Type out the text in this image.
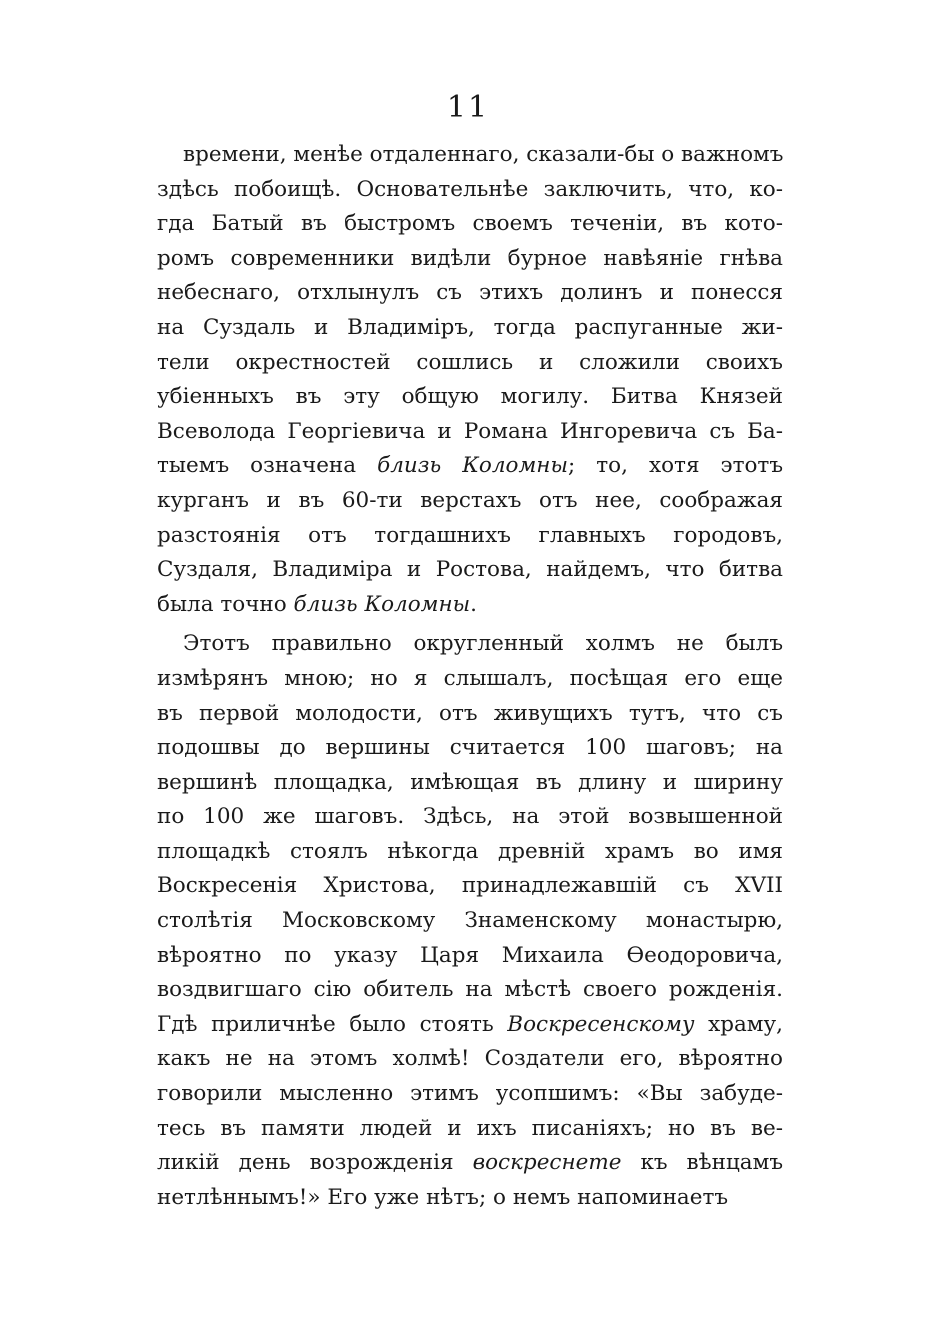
11
времени, менѣе отдаленнаго, сказали-бы о важномъ
здѣсь побоищѣ. Основательнѣе заключить, что, ко-
гда Батый въ быстромъ своемъ теченіи, въ кото-
ромъ современники видѣли бурное навѣяніе гнѣва
небеснаго, отхлынулъ съ этихъ долинъ и понесся
на Суздаль и Владиміръ, тогда распуганные жи-
тели окрестностей сошлись и сложили своихъ
убіенныхъ въ эту общую могилу. Битва Князей
Всеволода Георгіевича и Романа Ингоревича съ Ба-
тыемъ означена близь Коломны; то, хотя этотъ
курганъ и въ 60-ти верстахъ отъ нее, соображая
разстоянія отъ тогдашнихъ главныхъ городовъ,
Суздаля, Владиміра и Ростова, найдемъ, что битва
была точно близь Коломны.
Этотъ правильно округленный холмъ не былъ
измѣрянъ мною; но я слышалъ, посѣщая его еще
въ первой молодости, отъ живущихъ тутъ, что съ
подошвы до вершины считается 100 шаговъ; на
вершинѣ площадка, имѣющая въ длину и ширину
по 100 же шаговъ. Здѣсь, на этой возвышенной
площадкѣ стоялъ нѣкогда древній храмъ во имя
Воскресенія Христова, принадлежавшій съ XVII
столѣтія Московскому Знаменскому монастырю,
вѣроятно по указу Царя Михаила Ѳеодоровича,
воздвигшаго сію обитель на мѣстѣ своего рожденія.
Гдѣ приличнѣе было стоять Воскресенскому храму,
какъ не на этомъ холмѣ! Создатели его, вѣроятно
говорили мысленно этимъ усопшимъ: «Вы забуде-
тесь въ памяти людей и ихъ писаніяхъ; но въ ве-
ликій день возрожденія воскреснете къ вѣнцамъ
нетлѣннымъ!» Его уже нѣтъ; о немъ напоминаетъ
